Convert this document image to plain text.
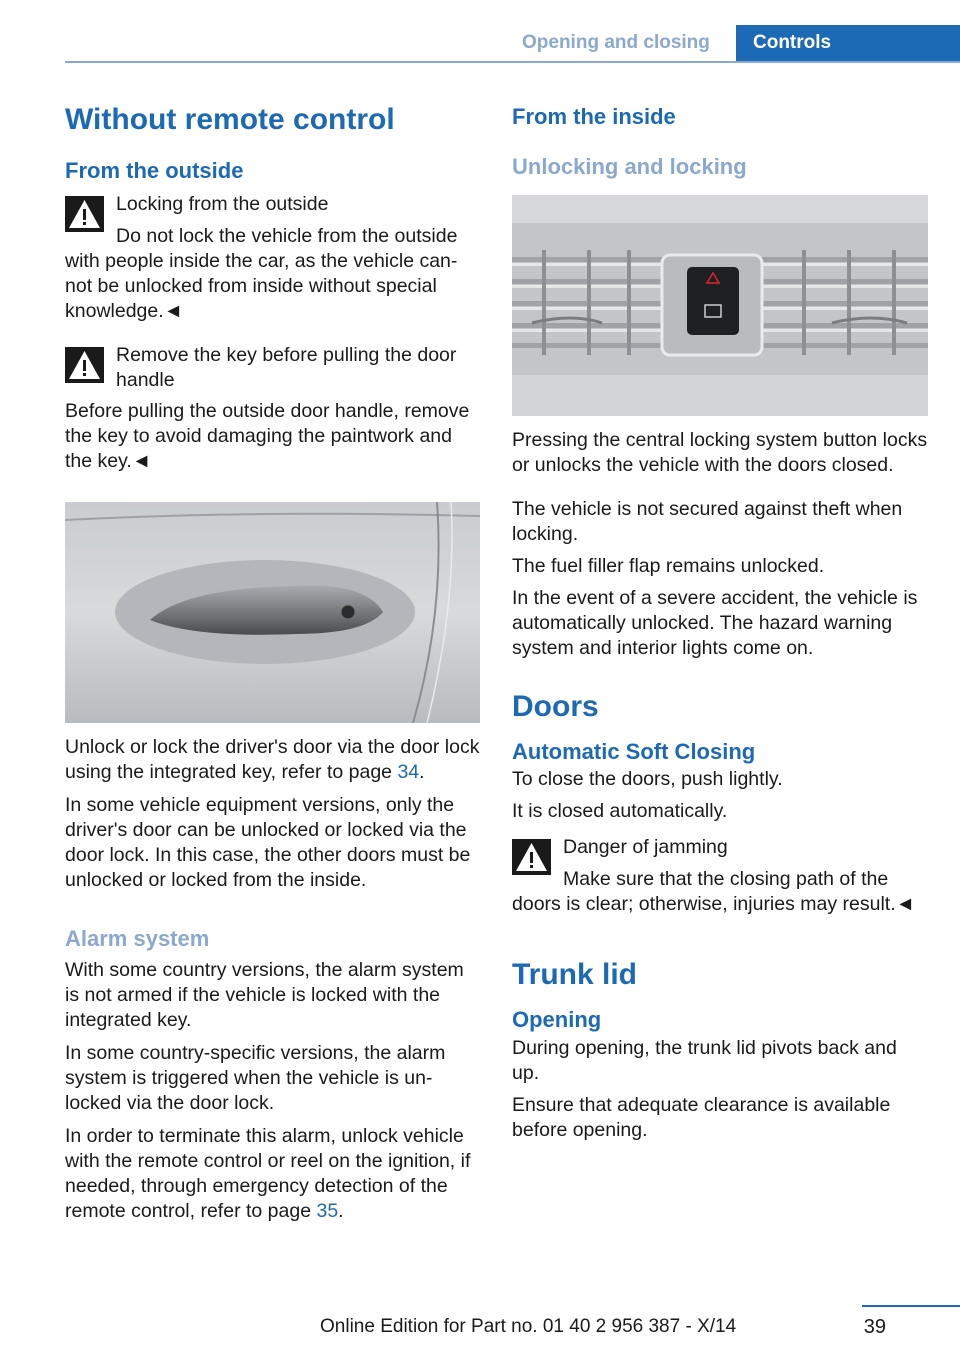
Opening and closing	Controls
Without remote control
From the outside

Locking from the outside

Do not lock the vehicle from the outside

with people inside the car, as the vehicle can-not be unlocked from inside without special knowledge.◄

Remove the key before pulling the door handle

Before pulling the outside door handle, remove the key to avoid damaging the paintwork and the key.◄

Unlock or lock the driver's door via the door lock using the integrated key, refer to page 34.

In some vehicle equipment versions, only the driver's door can be unlocked or locked via the door lock. In this case, the other doors must be unlocked or locked from the inside.

Alarm system

With some country versions, the alarm system is not armed if the vehicle is locked with the integrated key.

In some country-specific versions, the alarm system is triggered when the vehicle is un-locked via the door lock.

In order to terminate this alarm, unlock vehicle with the remote control or reel on the ignition, if needed, through emergency detection of the remote control, refer to page 35.

From the inside
Unlocking and locking

Pressing the central locking system button locks or unlocks the vehicle with the doors closed.

The vehicle is not secured against theft when locking.

The fuel filler flap remains unlocked.

In the event of a severe accident, the vehicle is automatically unlocked. The hazard warning system and interior lights come on.

Doors
Automatic Soft Closing

To close the doors, push lightly.

It is closed automatically.

Danger of jamming

Make sure that the closing path of the

doors is clear; otherwise, injuries may result.◄

Trunk lid
Opening

During opening, the trunk lid pivots back and up.

Ensure that adequate clearance is available before opening.

39
Online Edition for Part no. 01 40 2 956 387 - X/14
